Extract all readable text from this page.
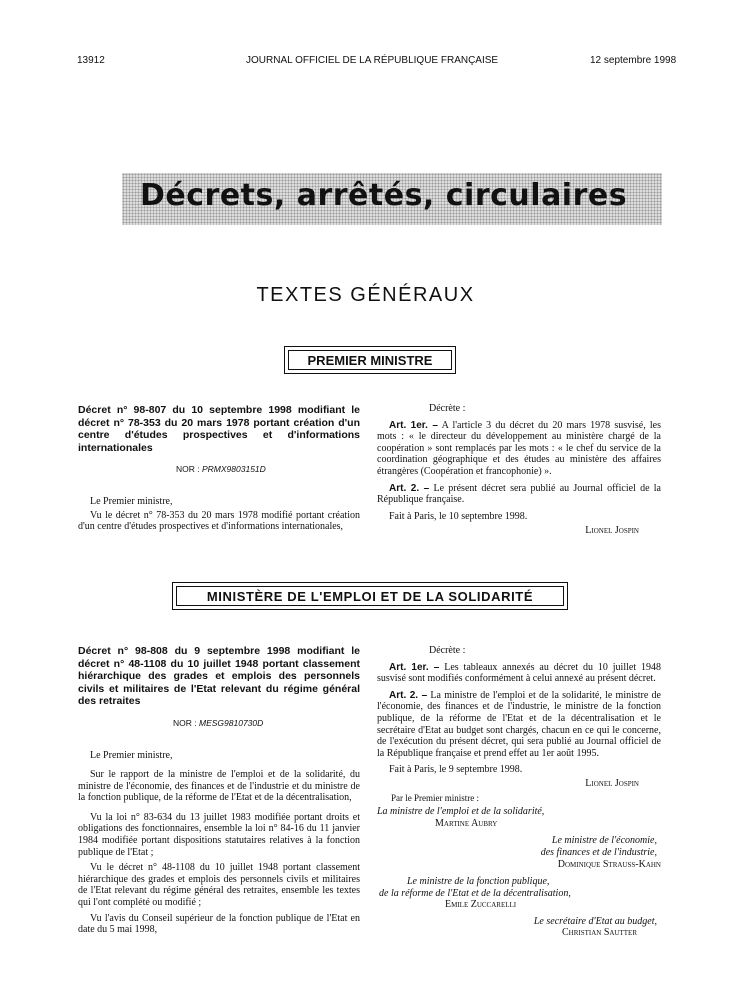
13912	JOURNAL OFFICIEL DE LA RÉPUBLIQUE FRANÇAISE	12 septembre 1998
Décrets, arrêtés, circulaires
TEXTES GÉNÉRAUX
PREMIER MINISTRE
Décret n° 98-807 du 10 septembre 1998 modifiant le décret n° 78-353 du 20 mars 1978 portant création d'un centre d'études prospectives et d'informations internationales
NOR : PRMX9803151D

Le Premier ministre,

Vu le décret n° 78-353 du 20 mars 1978 modifié portant création d'un centre d'études prospectives et d'informations internationales,

Décrète :

Art. 1er. – A l'article 3 du décret du 20 mars 1978 susvisé, les mots : « le directeur du développement au ministère chargé de la coopération » sont remplacés par les mots : « le chef du service de la coordination géographique et des études au ministère des affaires étrangères (Coopération et francophonie) ».

Art. 2. – Le présent décret sera publié au Journal officiel de la République française.

Fait à Paris, le 10 septembre 1998.

Lionel Jospin

MINISTÈRE DE L'EMPLOI ET DE LA SOLIDARITÉ
Décret n° 98-808 du 9 septembre 1998 modifiant le décret n° 48-1108 du 10 juillet 1948 portant classement hiérarchique des grades et emplois des personnels civils et militaires de l'Etat relevant du régime général des retraites
NOR : MESG9810730D

Le Premier ministre,

Sur le rapport de la ministre de l'emploi et de la solidarité, du ministre de l'économie, des finances et de l'industrie et du ministre de la fonction publique, de la réforme de l'Etat et de la décentralisation,

Vu la loi n° 83-634 du 13 juillet 1983 modifiée portant droits et obligations des fonctionnaires, ensemble la loi n° 84-16 du 11 janvier 1984 modifiée portant dispositions statutaires relatives à la fonction publique de l'Etat ;

Vu le décret n° 48-1108 du 10 juillet 1948 portant classement hiérarchique des grades et emplois des personnels civils et militaires de l'Etat relevant du régime général des retraites, ensemble les textes qui l'ont complété ou modifié ;

Vu l'avis du Conseil supérieur de la fonction publique de l'Etat en date du 5 mai 1998,

Décrète :

Art. 1er. – Les tableaux annexés au décret du 10 juillet 1948 susvisé sont modifiés conformément à celui annexé au présent décret.

Art. 2. – La ministre de l'emploi et de la solidarité, le ministre de l'économie, des finances et de l'industrie, le ministre de la fonction publique, de la réforme de l'Etat et de la décentralisation et le secrétaire d'Etat au budget sont chargés, chacun en ce qui le concerne, de l'exécution du présent décret, qui sera publié au Journal officiel de la République française et prend effet au 1er août 1995.

Fait à Paris, le 9 septembre 1998.

Lionel Jospin

Par le Premier ministre :

La ministre de l'emploi et de la solidarité,

Martine Aubry

Le ministre de l'économie,

des finances et de l'industrie,

Dominique Strauss-Kahn

Le ministre de la fonction publique,

de la réforme de l'Etat et de la décentralisation,

Emile Zuccarelli

Le secrétaire d'Etat au budget,

Christian Sautter
